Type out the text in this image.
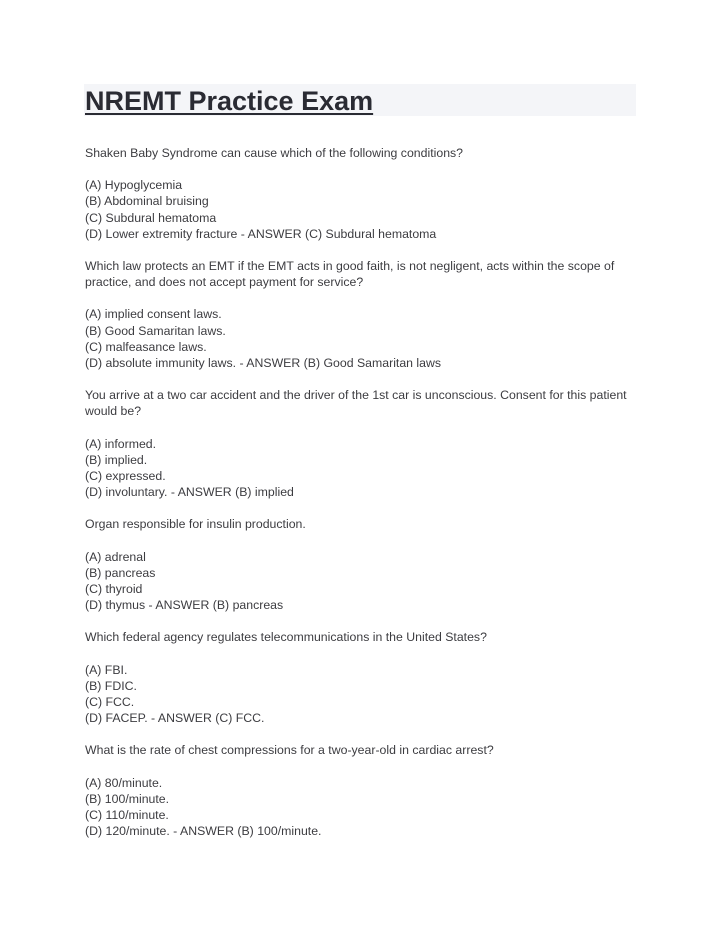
NREMT Practice Exam

Shaken Baby Syndrome can cause which of the following conditions?

(A) Hypoglycemia

(B) Abdominal bruising

(C) Subdural hematoma

(D) Lower extremity fracture - ANSWER (C) Subdural hematoma

Which law protects an EMT if the EMT acts in good faith, is not negligent, acts within the scope of practice, and does not accept payment for service?

(A) implied consent laws.

(B) Good Samaritan laws.

(C) malfeasance laws.

(D) absolute immunity laws. - ANSWER (B) Good Samaritan laws

You arrive at a two car accident and the driver of the 1st car is unconscious. Consent for this patient would be?

(A) informed.

(B) implied.

(C) expressed.

(D) involuntary. - ANSWER (B) implied

Organ responsible for insulin production.

(A) adrenal

(B) pancreas

(C) thyroid

(D) thymus - ANSWER (B) pancreas

Which federal agency regulates telecommunications in the United States?

(A) FBI.

(B) FDIC.

(C) FCC.

(D) FACEP. - ANSWER (C) FCC.

What is the rate of chest compressions for a two-year-old in cardiac arrest?

(A) 80/minute.

(B) 100/minute.

(C) 110/minute.

(D) 120/minute. - ANSWER (B) 100/minute.
